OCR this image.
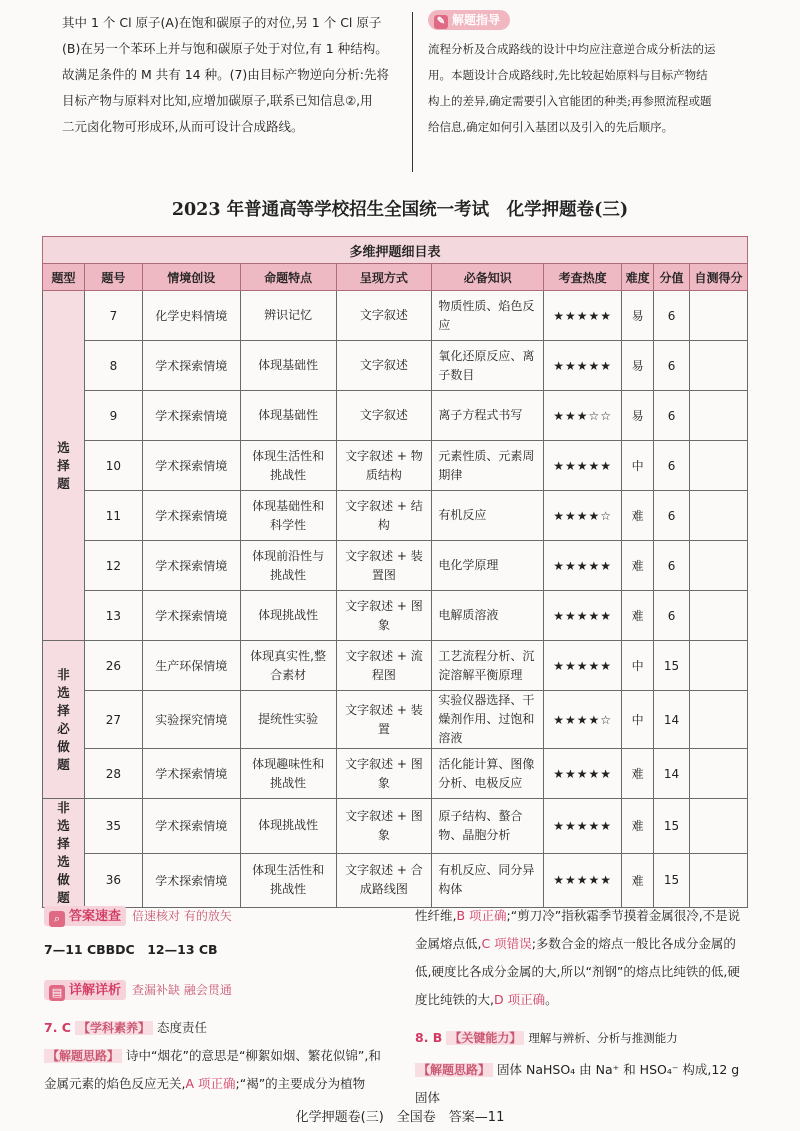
其中 1 个 Cl 原子(A)在饱和碳原子的对位,另 1 个 Cl 原子

(B)在另一个苯环上并与饱和碳原子处于对位,有 1 种结构。

故满足条件的 M 共有 14 种。(7)由目标产物逆向分析:先将

目标产物与原料对比知,应增加碳原子,联系已知信息②,用

二元卤化物可形成环,从而可设计合成路线。

✎ 解题指导
流程分析及合成路线的设计中均应注意逆合成分析法的运
用。本题设计合成路线时,先比较起始原料与目标产物结
构上的差异,确定需要引入官能团的种类;再参照流程或题
给信息,确定如何引入基团以及引入的先后顺序。
2023 年普通高等学校招生全国统一考试　化学押题卷(三)
多维押题细目表									
题型	题号	情境创设	命题特点	呈现方式	必备知识	考查热度	难度	分值	自测得分
选择题	7	化学史料情境	辨识记忆	文字叙述	物质性质、焰色反应	★★★★★	易	6	
	8	学术探索情境	体现基础性	文字叙述	氧化还原反应、离子数目	★★★★★	易	6	
	9	学术探索情境	体现基础性	文字叙述	离子方程式书写	★★★☆☆	易	6	
	10	学术探索情境	体现生活性和挑战性	文字叙述 + 物质结构	元素性质、元素周期律	★★★★★	中	6	
	11	学术探索情境	体现基础性和科学性	文字叙述 + 结构	有机反应	★★★★☆	难	6	
	12	学术探索情境	体现前沿性与挑战性	文字叙述 + 装置图	电化学原理	★★★★★	难	6	
	13	学术探索情境	体现挑战性	文字叙述 + 图象	电解质溶液	★★★★★	难	6	
非选择必做题	26	生产环保情境	体现真实性,整合素材	文字叙述 + 流程图	工艺流程分析、沉淀溶解平衡原理	★★★★★	中	15	
	27	实验探究情境	提统性实验	文字叙述 + 装置	实验仪器选择、干燥剂作用、过饱和溶液	★★★★☆	中	14	
	28	学术探索情境	体现趣味性和挑战性	文字叙述 + 图象	活化能计算、图像分析、电极反应	★★★★★	难	14	
非选择选做题	35	学术探索情境	体现挑战性	文字叙述 + 图象	原子结构、螯合物、晶胞分析	★★★★★	难	15	
	36	学术探索情境	体现生活性和挑战性	文字叙述 + 合成路线图	有机反应、同分异构体	★★★★★	难	15	
⌕ 答案速查 倍速核对 有的放矢
7—11 CBBDC　12—13 CB
▤ 详解详析 查漏补缺 融会贯通
7. C 【学科素养】 态度责任
【解题思路】 诗中“烟花”的意思是“柳絮如烟、繁花似锦”,和
金属元素的焰色反应无关,A 项正确;“褐”的主要成分为植物
性纤维,B 项正确;“剪刀冷”指秋霜季节摸着金属很冷,不是说
金属熔点低,C 项错误;多数合金的熔点一般比各成分金属的
低,硬度比各成分金属的大,所以“剂钢”的熔点比纯铁的低,硬
度比纯铁的大,D 项正确。
8. B 【关键能力】 理解与辨析、分析与推测能力
【解题思路】 固体 NaHSO₄ 由 Na⁺ 和 HSO₄⁻ 构成,12 g 固体
化学押题卷(三)　全国卷　答案—11
